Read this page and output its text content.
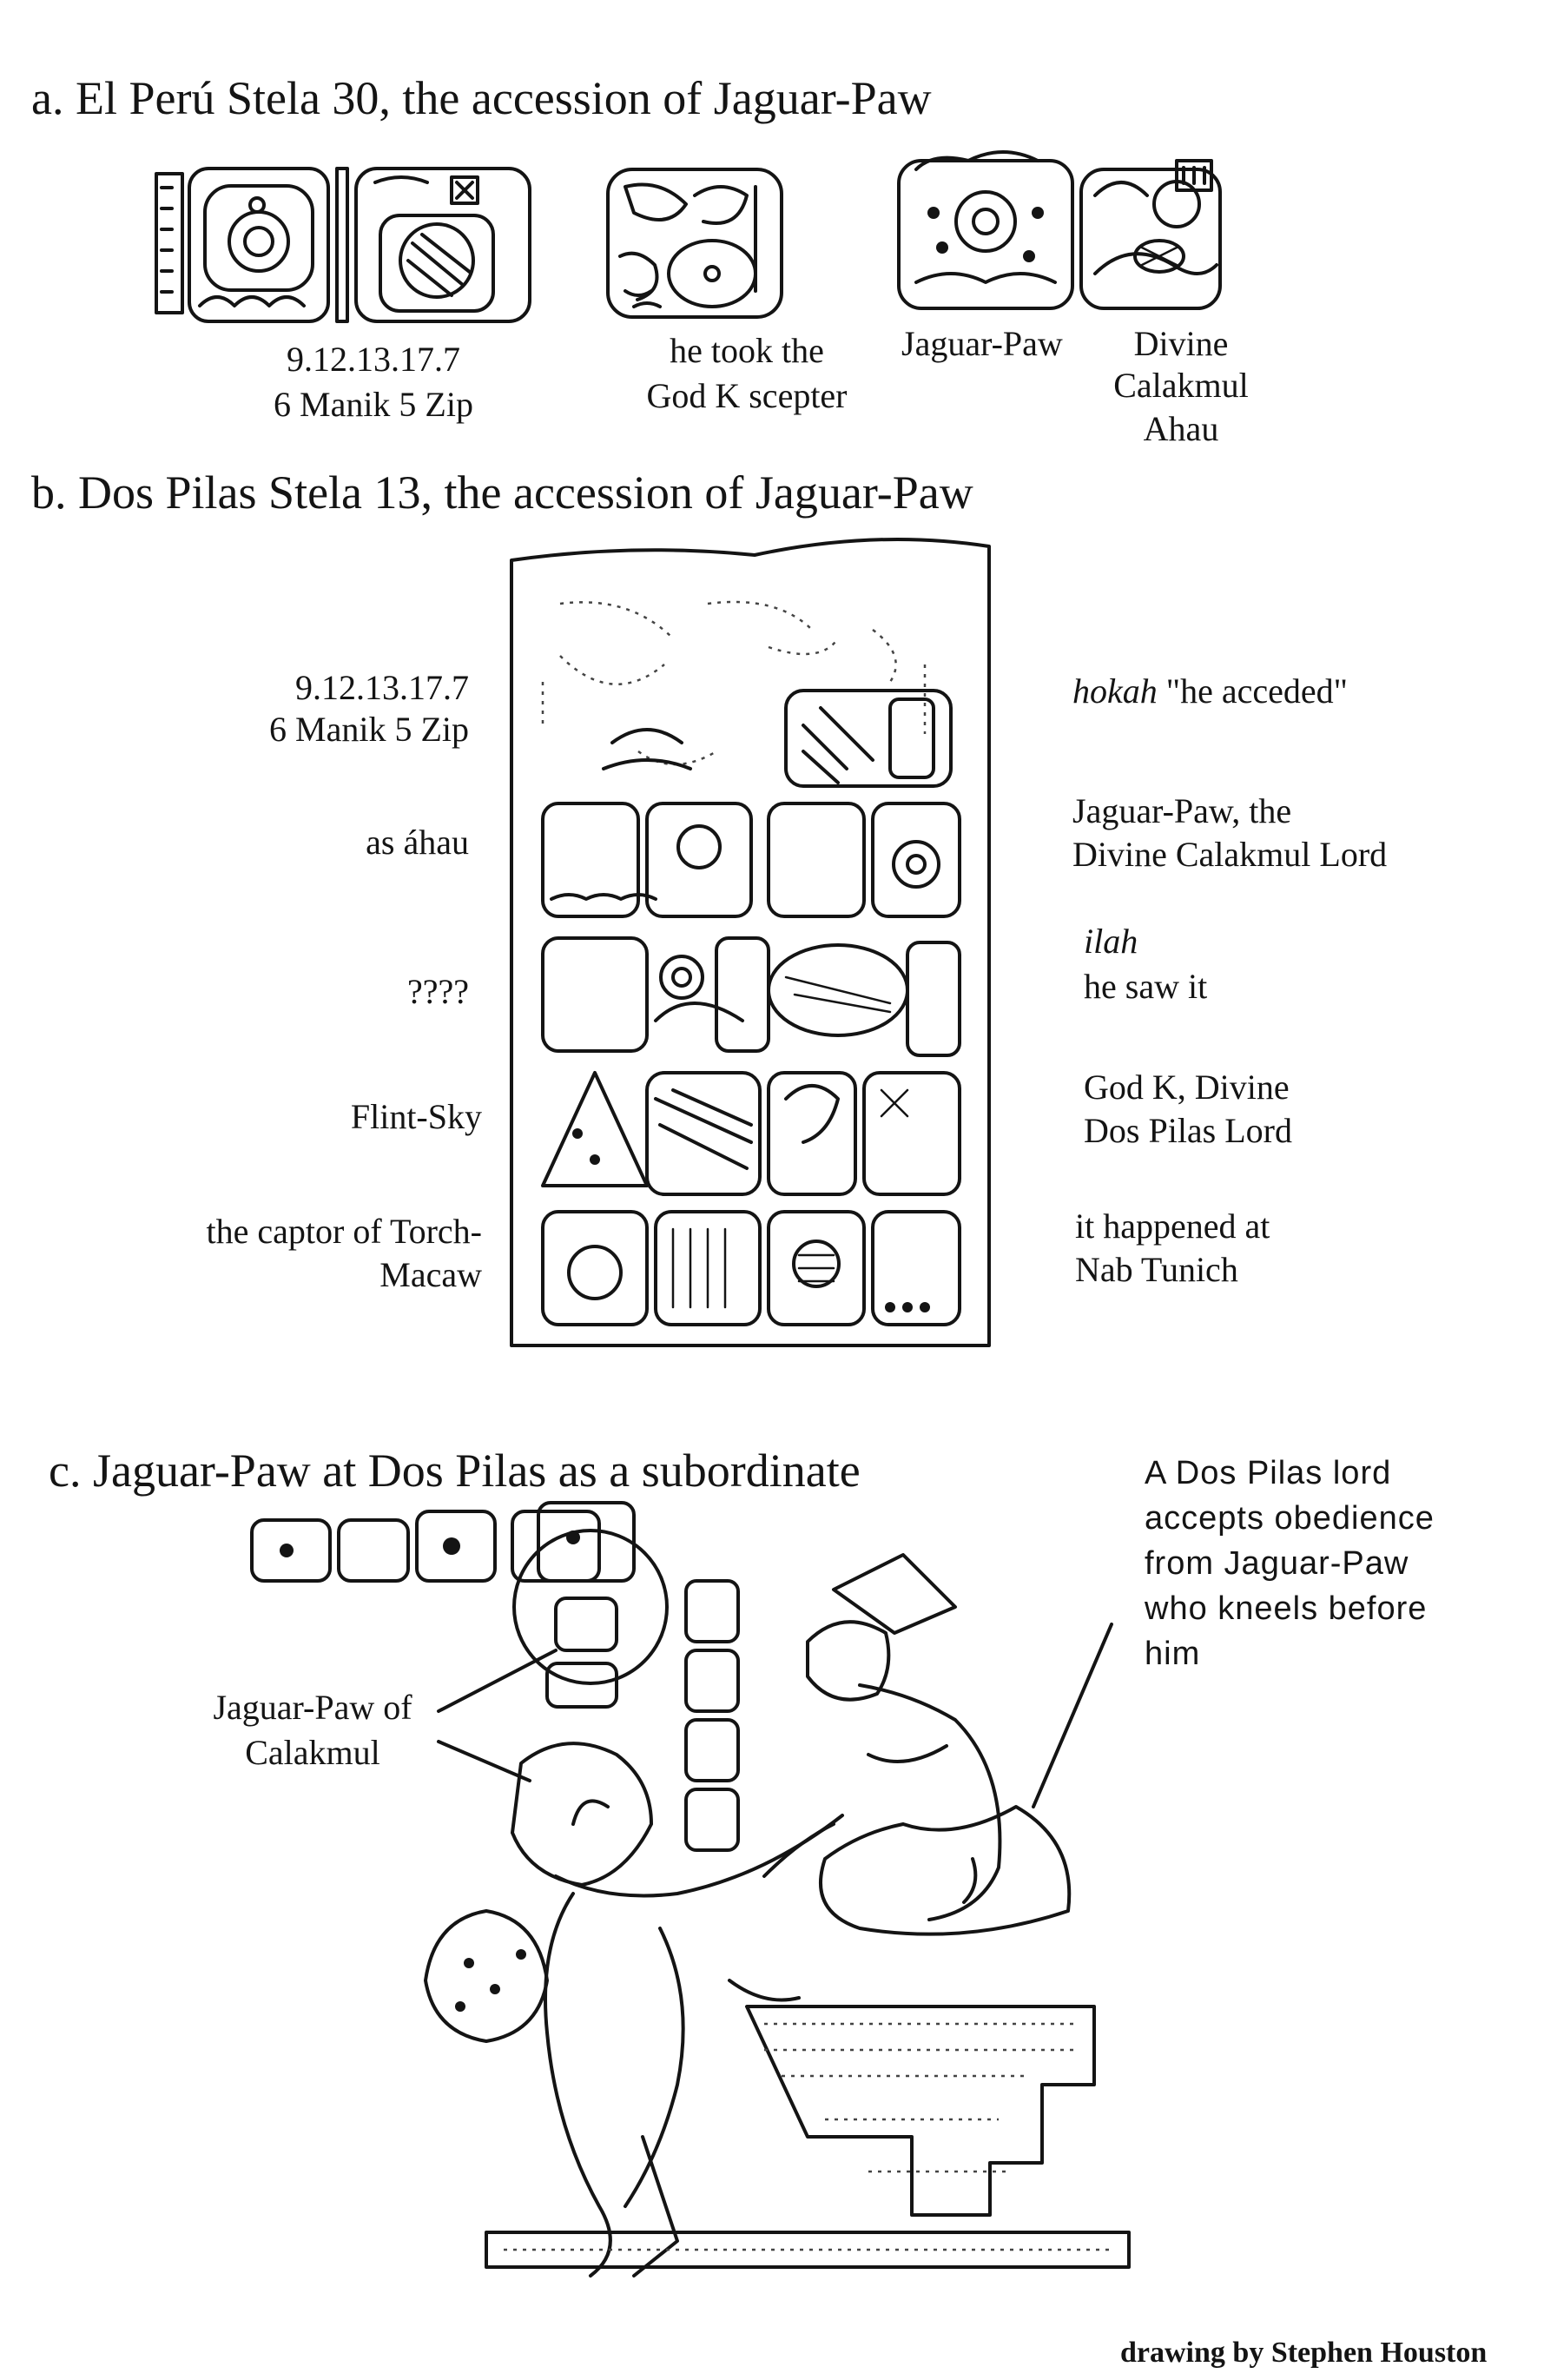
a. El Perú Stela 30, the accession of Jaguar-Paw
9.12.13.17.7
6 Manik 5 Zip
he took the
God K scepter
Jaguar-Paw	Divine
Calakmul
Ahau
b. Dos Pilas Stela 13, the accession of Jaguar-Paw
9.12.13.17.7
6 Manik 5 Zip
as áhau
????
Flint-Sky
the captor of Torch-
Macaw
hokah "he acceded"
Jaguar-Paw, the
Divine Calakmul Lord
ilah
he saw it
God K, Divine
Dos Pilas Lord
it happened at
Nab Tunich
c. Jaguar-Paw at Dos Pilas as a subordinate	A Dos Pilas lord
accepts obedience
from Jaguar-Paw
who kneels before
him
Jaguar-Paw of
Calakmul
drawing by Stephen Houston
